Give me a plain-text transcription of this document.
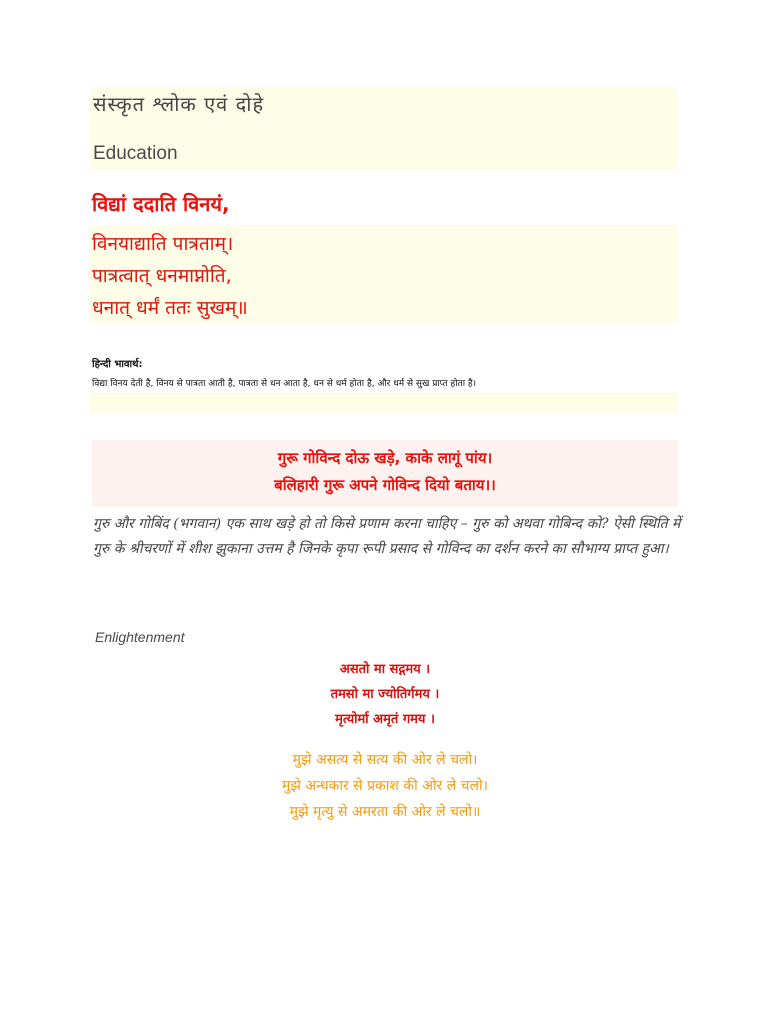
संस्कृत श्लोक एवं दोहे
Education
विद्यां ददाति विनयं,
विनयाद्याति पात्रताम्।
पात्रत्वात् धनमाप्नोति,
धनात् धर्मं ततः सुखम्॥
हिन्दी भावार्थ:
विद्या विनय देती है, विनय से पात्रता आती है, पात्रता से धन आता है, धन से धर्म होता है, और धर्म से सुख प्राप्त होता है।
गुरू गोविन्द दोऊ खड़े, काके लागूं पांय।
बलिहारी गुरू अपने गोविन्द दियो बताय।।
गुरु और गोबिंद (भगवान) एक साथ खड़े हो तो किसे प्रणाम करना चाहिए – गुरु को अथवा गोबिन्द को? ऐसी स्थिति में गुरु के श्रीचरणों में शीश झुकाना उत्तम है जिनके कृपा रूपी प्रसाद से गोविन्द का दर्शन करने का सौभाग्य प्राप्त हुआ।
Enlightenment
असतो मा सद्गमय ।
तमसो मा ज्योतिर्गमय ।
मृत्योर्मा अमृतं गमय ।
मुझे असत्य से सत्य की ओर ले चलो।
मुझे अन्धकार से प्रकाश की ओर ले चलो।
मुझे मृत्यु से अमरता की ओर ले चलो॥
